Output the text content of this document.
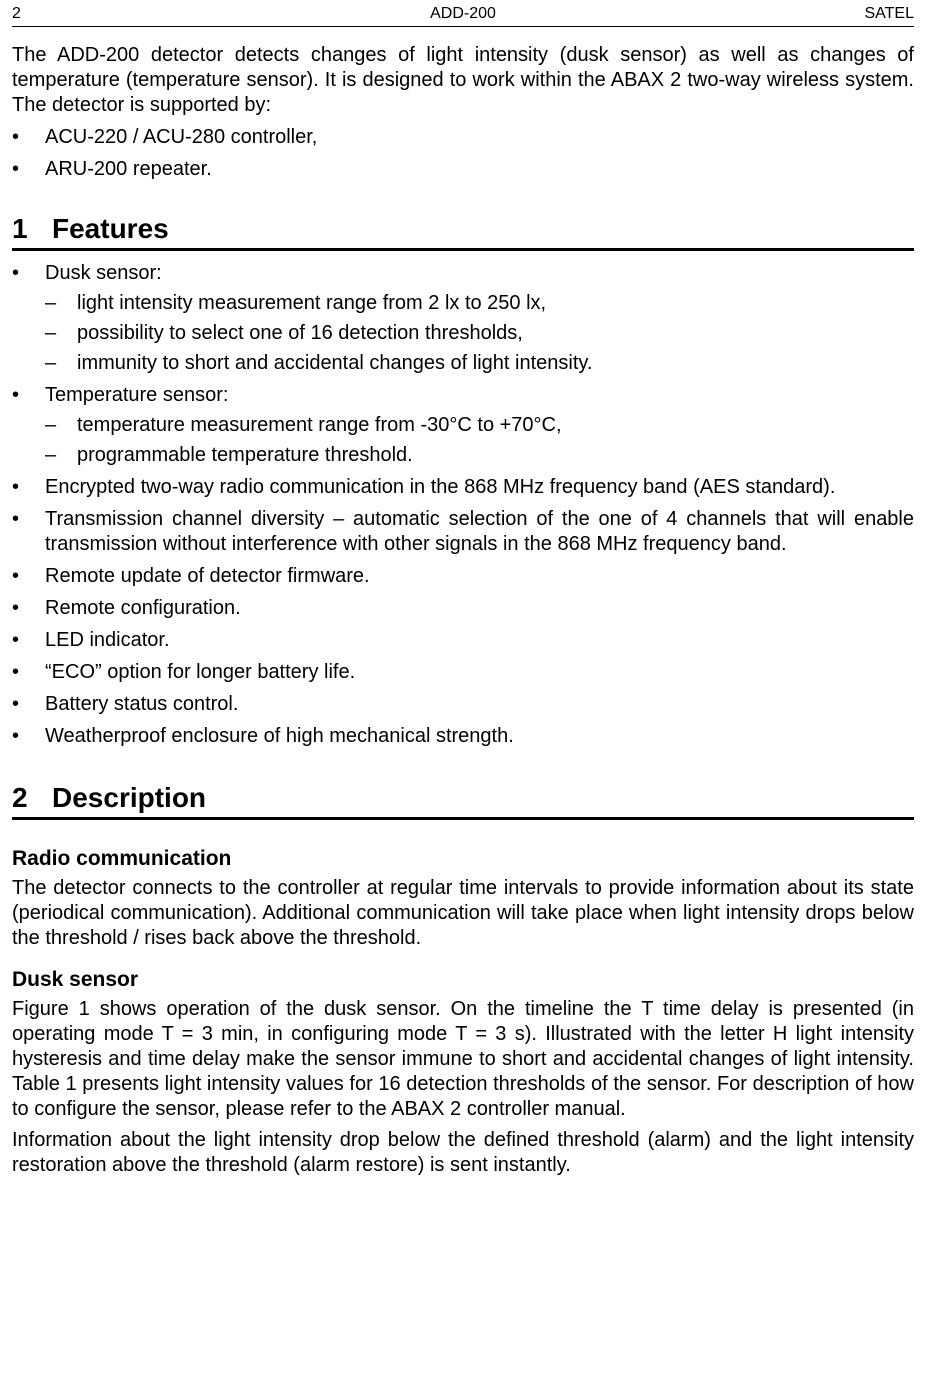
2	ADD-200	SATEL

The ADD-200 detector detects changes of light intensity (dusk sensor) as well as changes of temperature (temperature sensor). It is designed to work within the ABAX 2 two-way wireless system. The detector is supported by:

• ACU-220 / ACU-280 controller,
• ARU-200 repeater.
1 Features
• Dusk sensor:
– light intensity measurement range from 2 lx to 250 lx,
– possibility to select one of 16 detection thresholds,
– immunity to short and accidental changes of light intensity.
• Temperature sensor:
– temperature measurement range from -30°C to +70°C,
– programmable temperature threshold.
• Encrypted two-way radio communication in the 868 MHz frequency band (AES standard).
• Transmission channel diversity – automatic selection of the one of 4 channels that will enable transmission without interference with other signals in the 868 MHz frequency band.
• Remote update of detector firmware.
• Remote configuration.
• LED indicator.
• “ECO” option for longer battery life.
• Battery status control.
• Weatherproof enclosure of high mechanical strength.
2 Description
Radio communication

The detector connects to the controller at regular time intervals to provide information about its state (periodical communication). Additional communication will take place when light intensity drops below the threshold / rises back above the threshold.

Dusk sensor

Figure 1 shows operation of the dusk sensor. On the timeline the T time delay is presented (in operating mode T = 3 min, in configuring mode T = 3 s). Illustrated with the letter H light intensity hysteresis and time delay make the sensor immune to short and accidental changes of light intensity. Table 1 presents light intensity values for 16 detection thresholds of the sensor. For description of how to configure the sensor, please refer to the ABAX 2 controller manual.

Information about the light intensity drop below the defined threshold (alarm) and the light intensity restoration above the threshold (alarm restore) is sent instantly.
